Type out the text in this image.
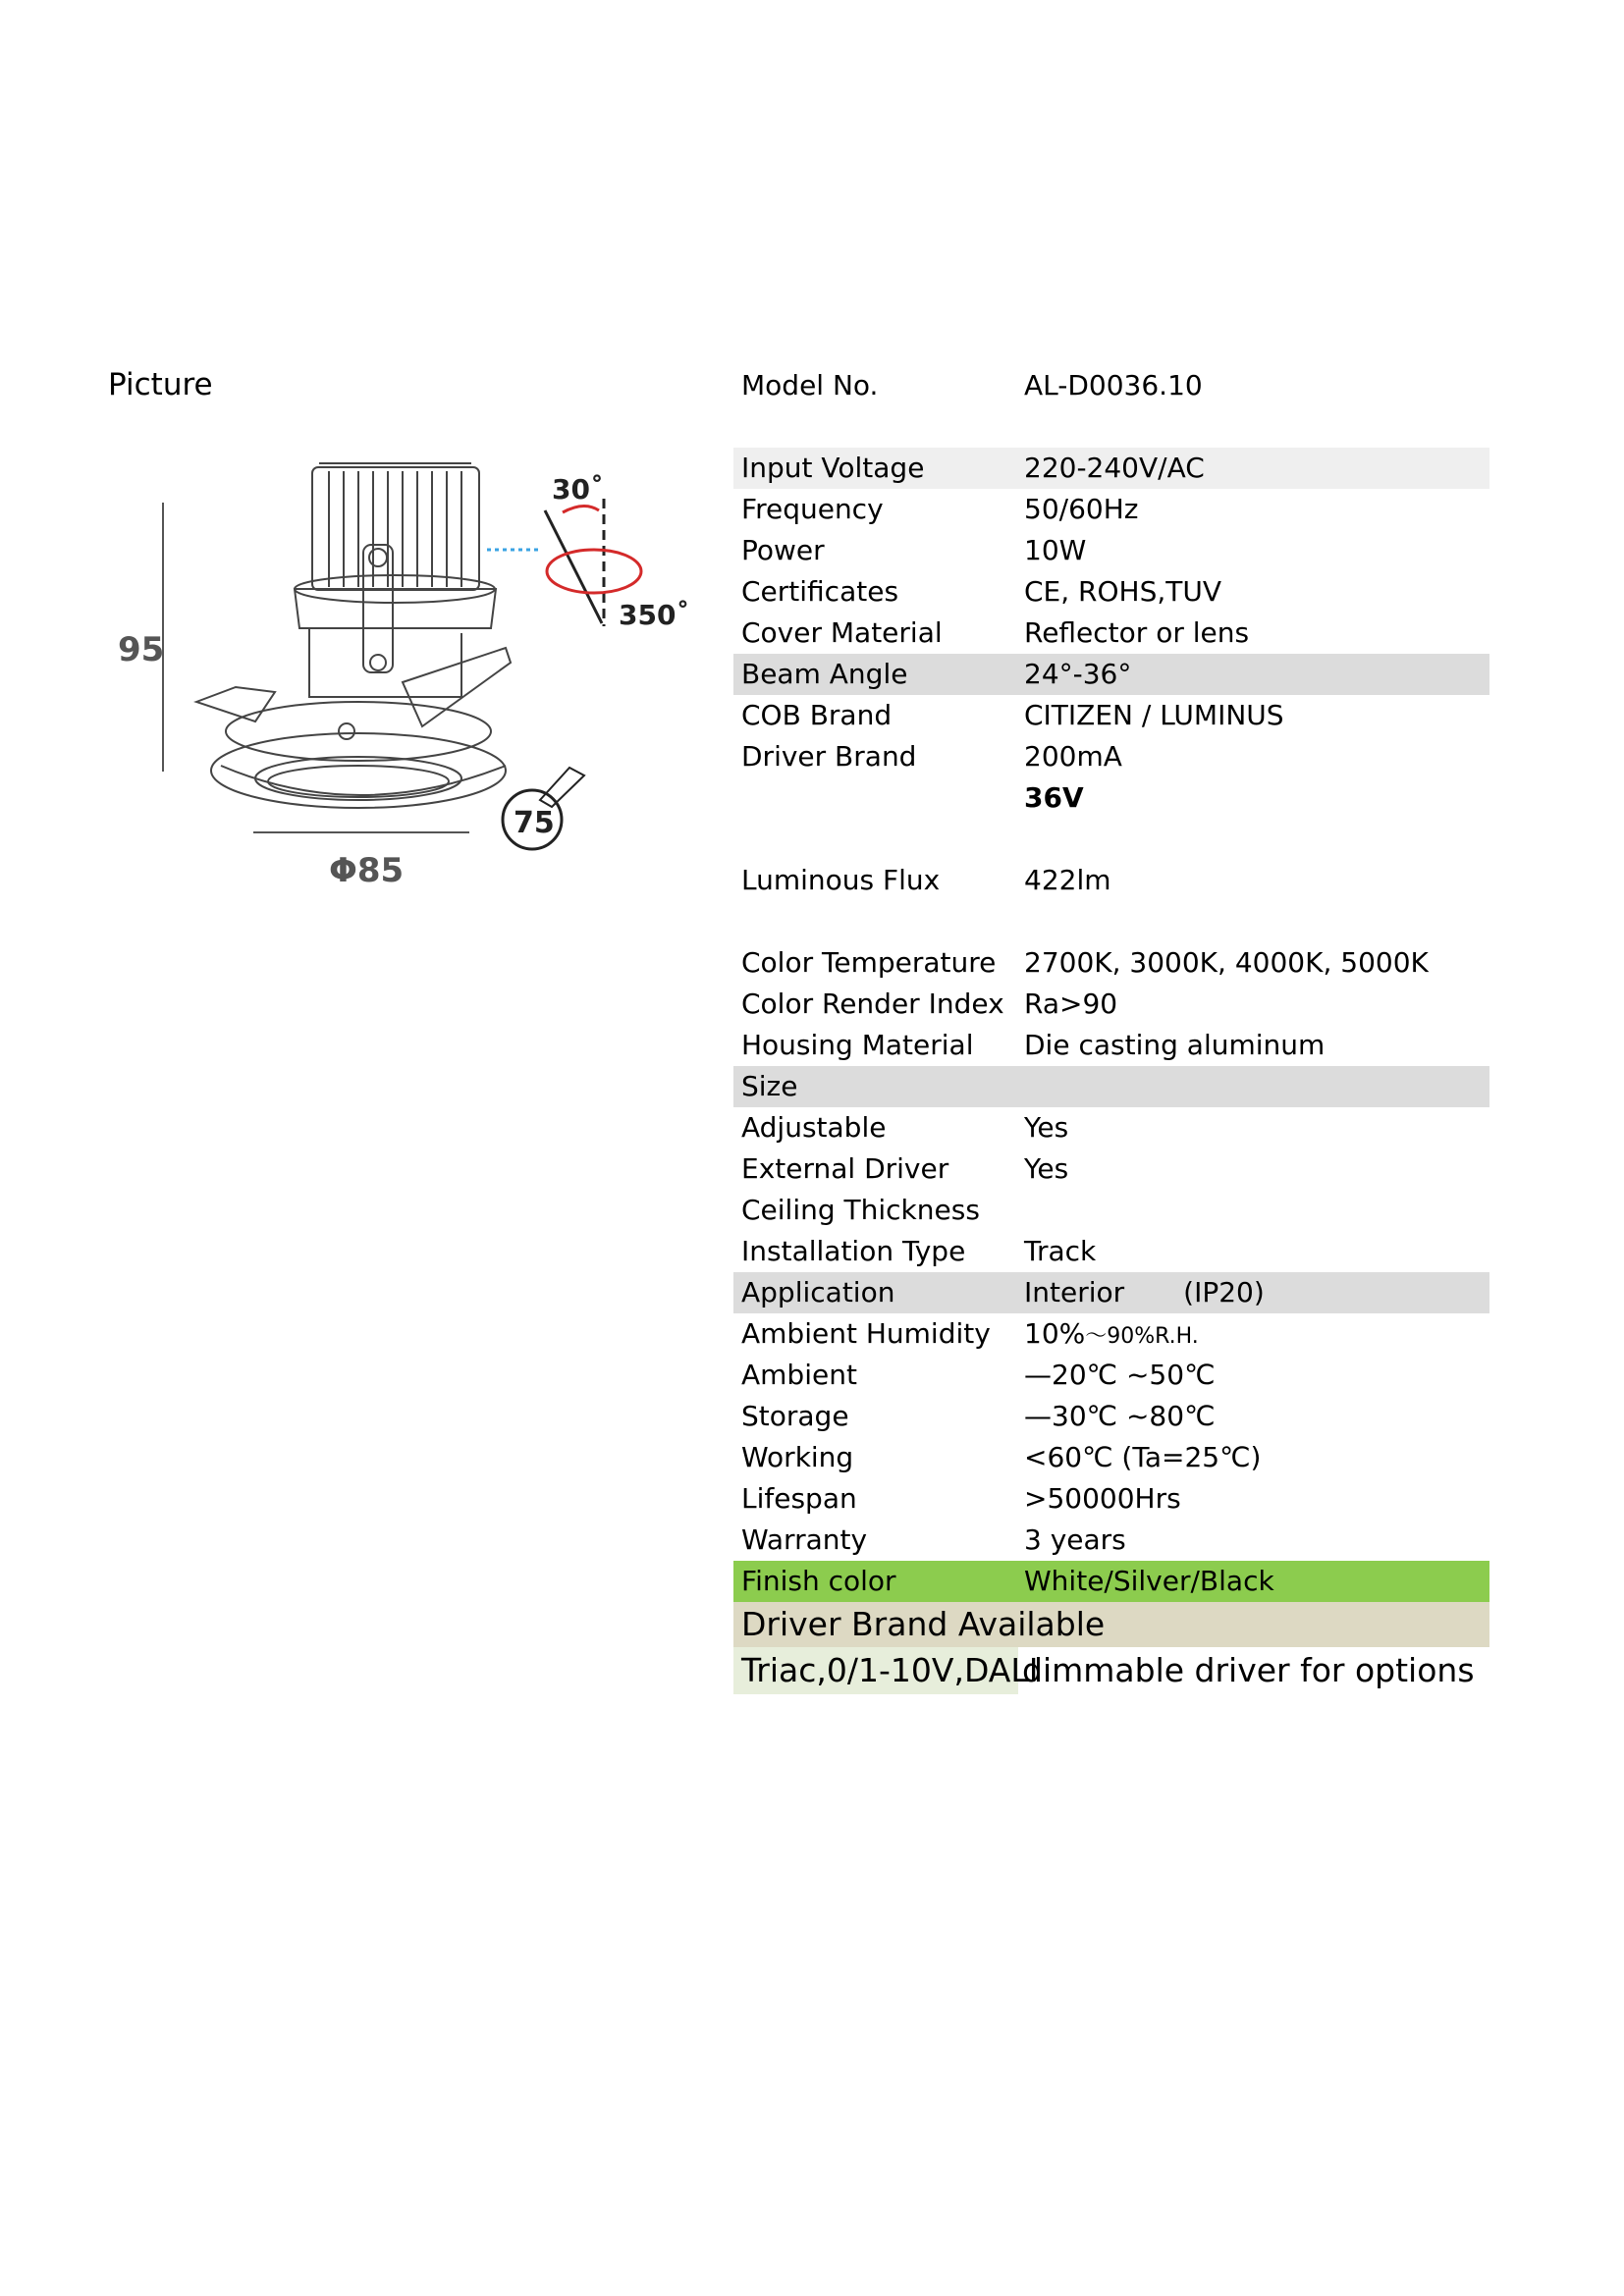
Picture
95
Φ85
75
30˚
350˚
Model No.	AL-D0036.10
Input Voltage	220-240V/AC
Frequency	50/60Hz
Power	10W
Certificates	CE, ROHS,TUV
Cover Material	Reflector or lens
Beam Angle	24°-36°
COB Brand	CITIZEN / LUMINUS
Driver Brand	200mA
36V
Luminous Flux	422lm
Color Temperature 2700K, 3000K, 4000K, 5000K
Color Render Index Ra>90
Housing Material Die casting aluminum
Size
Adjustable	Yes
External Driver	Yes
Ceiling Thickness
Installation Type Track
Application	Interior (IP20)
Ambient Humidity 10%～90%R.H.
Ambient	—20℃ ~50℃
Storage	—30℃ ~80℃
Working	<60℃ (Ta=25℃)
Lifespan	>50000Hrs
Warranty	3 years
Finish color	White/Silver/Black
Driver Brand Available
Triac,0/1-10V,DALI
dimmable driver for options
